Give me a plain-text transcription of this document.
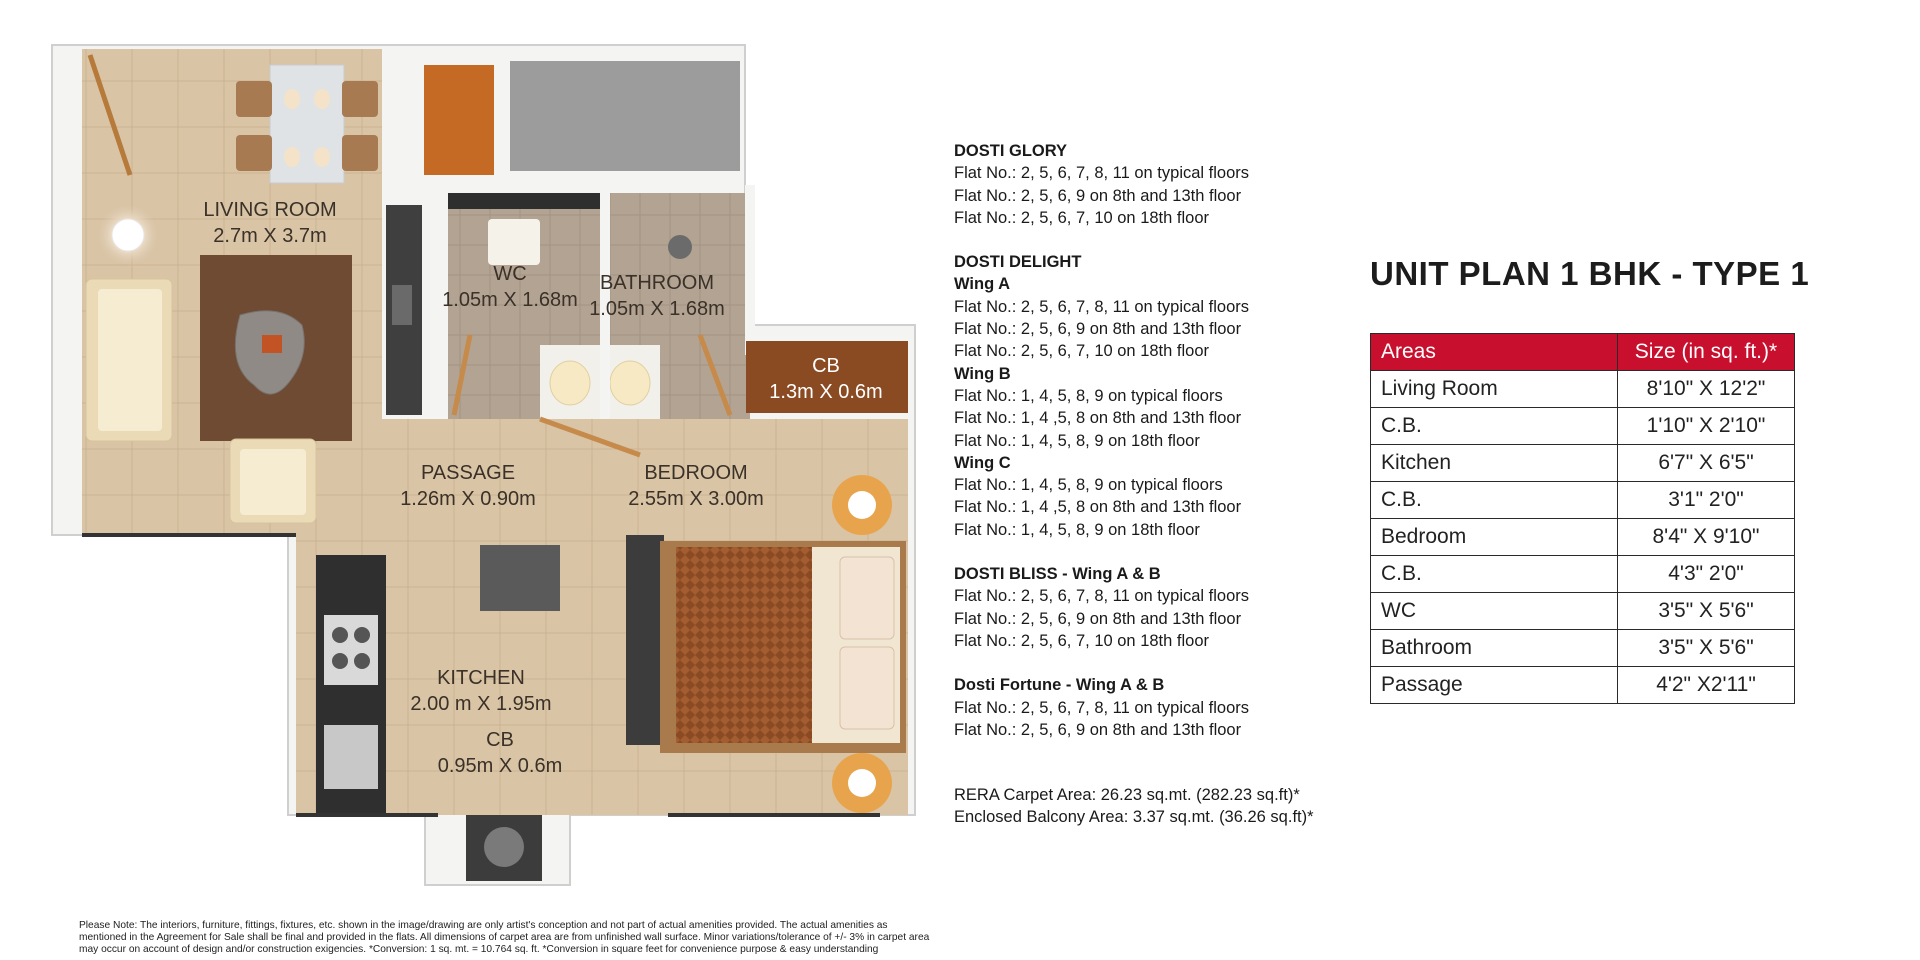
LIVING ROOM
2.7m X 3.7m
WC
1.05m X 1.68m
BATHROOM
1.05m X 1.68m
CB
1.3m X 0.6m
PASSAGE
1.26m X 0.90m
BEDROOM
2.55m X 3.00m
KITCHEN
2.00 m X 1.95m
CB
0.95m X 0.6m
DOSTI GLORY
Flat No.: 2, 5, 6, 7, 8, 11 on typical floors
Flat No.: 2, 5, 6, 9 on 8th and 13th floor
Flat No.: 2, 5, 6, 7, 10 on 18th floor
DOSTI DELIGHT
Wing A
Flat No.: 2, 5, 6, 7, 8, 11 on typical floors
Flat No.: 2, 5, 6, 9 on 8th and 13th floor
Flat No.: 2, 5, 6, 7, 10 on 18th floor
Wing B
Flat No.: 1, 4, 5, 8, 9 on typical floors
Flat No.: 1, 4 ,5, 8 on 8th and 13th floor
Flat No.: 1, 4, 5, 8, 9 on 18th floor
Wing C
Flat No.: 1, 4, 5, 8, 9 on typical floors
Flat No.: 1, 4 ,5, 8 on 8th and 13th floor
Flat No.: 1, 4, 5, 8, 9 on 18th floor
DOSTI BLISS - Wing A & B
Flat No.: 2, 5, 6, 7, 8, 11 on typical floors
Flat No.: 2, 5, 6, 9 on 8th and 13th floor
Flat No.: 2, 5, 6, 7, 10 on 18th floor
Dosti Fortune - Wing A & B
Flat No.: 2, 5, 6, 7, 8, 11 on typical floors
Flat No.: 2, 5, 6, 9 on 8th and 13th floor
RERA Carpet Area: 26.23 sq.mt. (282.23 sq.ft)*
Enclosed Balcony Area: 3.37 sq.mt. (36.26 sq.ft)*
UNIT PLAN 1 BHK - TYPE 1
Areas	Size (in sq. ft.)*
Living Room	8'10" X 12'2"
C.B.	1'10" X 2'10"
Kitchen	6'7" X 6'5"
C.B.	3'1" 2'0"
Bedroom	8'4" X 9'10"
C.B.	4'3" 2'0"
WC	3'5" X 5'6"
Bathroom	3'5" X 5'6"
Passage	4'2" X2'11"
Please Note: The interiors, furniture, fittings, fixtures, etc. shown in the image/drawing are only artist's conception and not part of actual amenities provided. The actual amenities as mentioned in the Agreement for Sale shall be final and provided in the flats. All dimensions of carpet area are from unfinished wall surface. Minor variations/tolerance of +/- 3% in carpet area may occur on account of design and/or construction exigencies. *Conversion: 1 sq. mt. = 10.764 sq. ft. *Conversion in square feet for convenience purpose & easy understanding
